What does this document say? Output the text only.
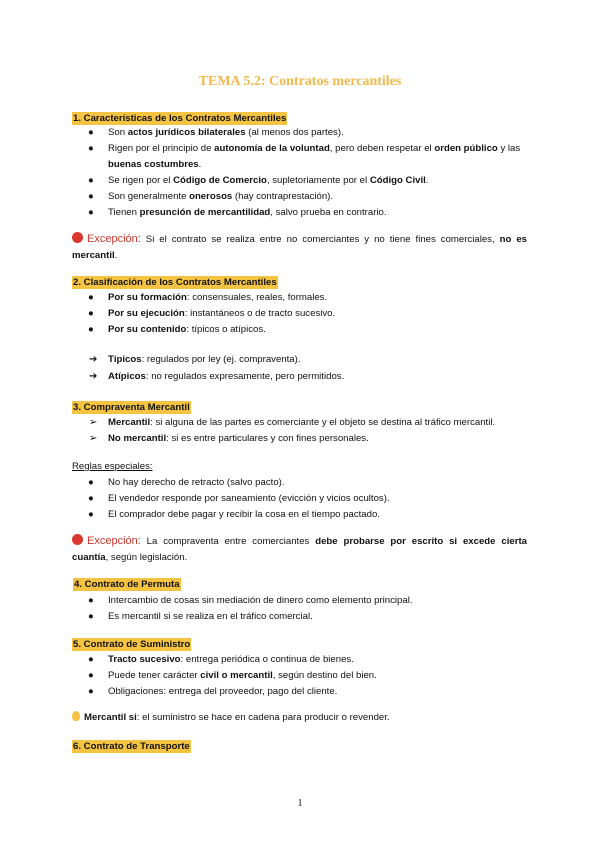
TEMA 5.2: Contratos mercantiles
1. Características de los Contratos Mercantiles
● Son actos jurídicos bilaterales (al menos dos partes).
● Rigen por el principio de autonomía de la voluntad, pero deben respetar el orden público y las buenas costumbres.
● Se rigen por el Código de Comercio, supletoriamente por el Código Civil.
● Son generalmente onerosos (hay contraprestación).
● Tienen presunción de mercantilidad, salvo prueba en contrario.
Excepción: Si el contrato se realiza entre no comerciantes y no tiene fines comerciales, no es mercantil.
2. Clasificación de los Contratos Mercantiles
● Por su formación: consensuales, reales, formales.
● Por su ejecución: instantáneos o de tracto sucesivo.
● Por su contenido: típicos o atípicos.
➔ Típicos: regulados por ley (ej. compraventa).
➔ Atípicos: no regulados expresamente, pero permitidos.
3. Compraventa Mercantil
➢ Mercantil: si alguna de las partes es comerciante y el objeto se destina al tráfico mercantil.
➢ No mercantil: si es entre particulares y con fines personales.
Reglas especiales:
● No hay derecho de retracto (salvo pacto).
● El vendedor responde por saneamiento (evicción y vicios ocultos).
● El comprador debe pagar y recibir la cosa en el tiempo pactado.
Excepción: La compraventa entre comerciantes debe probarse por escrito si excede cierta cuantía, según legislación.
4. Contrato de Permuta
● Intercambio de cosas sin mediación de dinero como elemento principal.
● Es mercantil si se realiza en el tráfico comercial.
5. Contrato de Suministro
● Tracto sucesivo: entrega periódica o continua de bienes.
● Puede tener carácter civil o mercantil, según destino del bien.
● Obligaciones: entrega del proveedor, pago del cliente.
Mercantil si: el suministro se hace en cadena para producir o revender.
6. Contrato de Transporte
1
